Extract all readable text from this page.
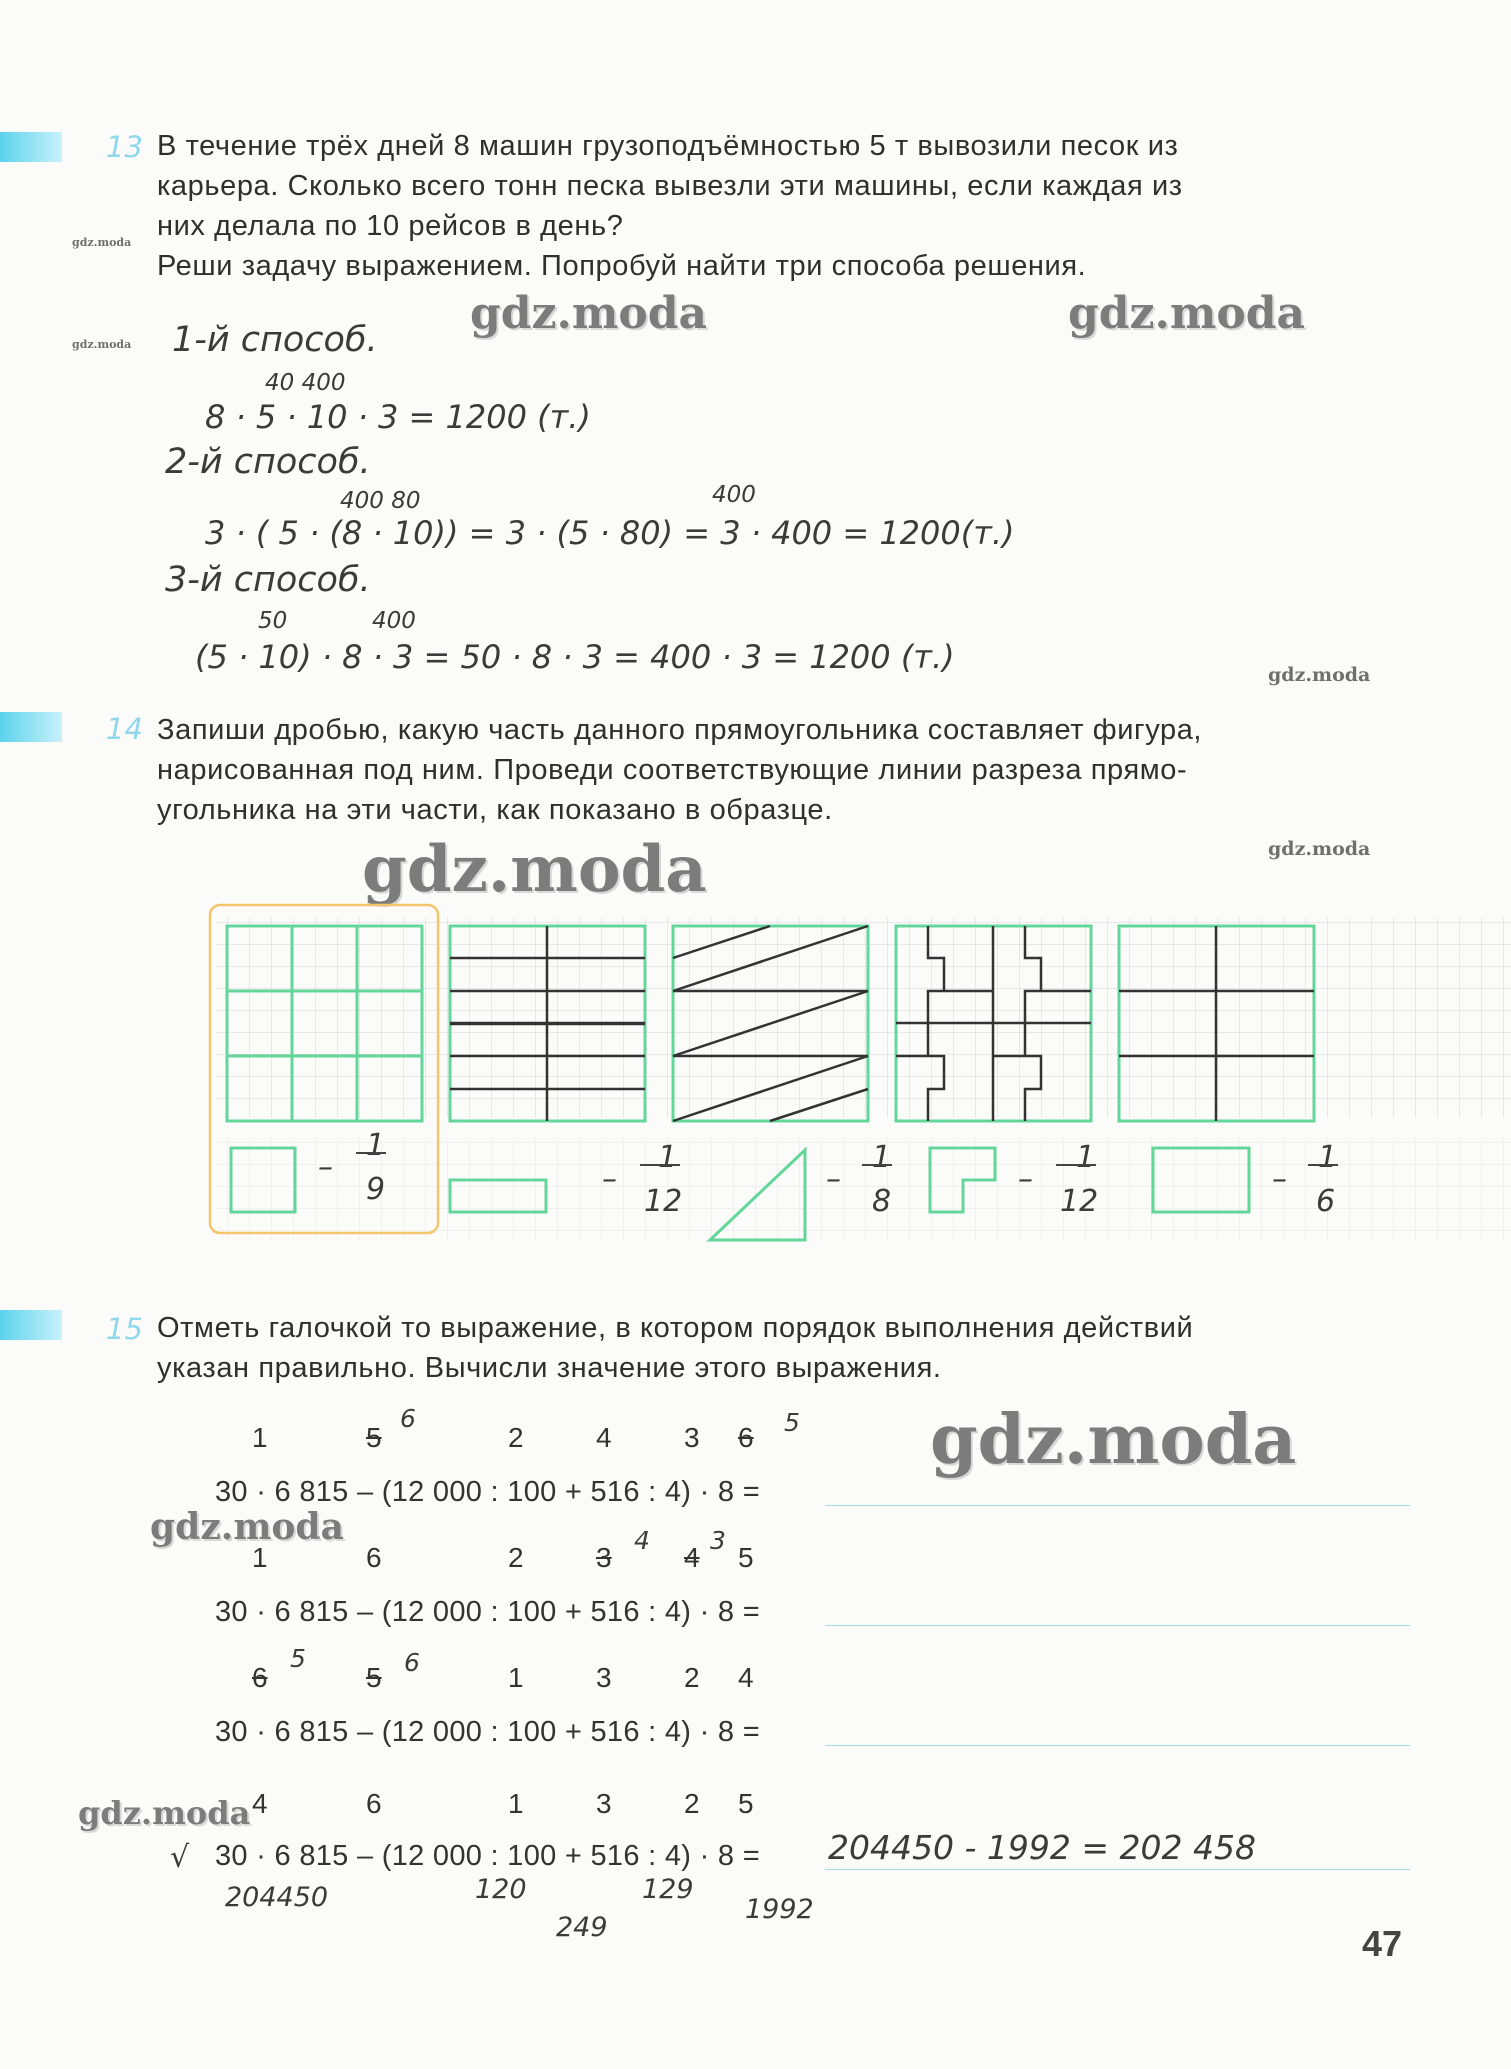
13 В течение трёх дней 8 машин грузоподъёмностью 5 т вывозили песок из
карьера. Сколько всего тонн песка вывезли эти машины, если каждая из
них делала по 10 рейсов в день?
Реши задачу выражением. Попробуй найти три способа решения.
gdz.moda
gdz.moda 1-й способ.
40 400
8 · 5 · 10 · 3 = 1200 (т.)
2-й способ.
400 80	400
3 · ( 5 · (8 · 10)) = 3 · (5 · 80) = 3 · 400 = 1200(т.)
3-й способ.
50	400
(5 · 10) · 8 · 3 = 50 · 8 · 3 = 400 · 3 = 1200 (т.)
gdz.moda	gdz.moda
gdz.moda
14 Запиши дробью, какую часть данного прямоугольника составляет фигура,
нарисованная под ним. Проведи соответствующие линии разреза прямо-
угольника на эти части, как показано в образце.
gdz.moda	gdz.moda
–
1
9	–
1
12
–
1
8
–
1
12
–
1
6
15 Отметь галочкой то выражение, в котором порядок выполнения действий
указан правильно. Вычисли значение этого выражения.
gdz.moda
gdz.moda
gdz.moda
1	5
6
2	4	3 6 5
30 · 6 815 – (12 000 : 100 + 516 : 4) · 8 =
1	6	2	3
4
4
3
5
30 · 6 815 – (12 000 : 100 + 516 : 4) · 8 =
6
5
5 6	1	3	2 4
30 · 6 815 – (12 000 : 100 + 516 : 4) · 8 =
4	6	1	3	2 5
√ 30 · 6 815 – (12 000 : 100 + 516 : 4) · 8 = 204450 - 1992 = 202 458
204450	120
249
129
1992
47
